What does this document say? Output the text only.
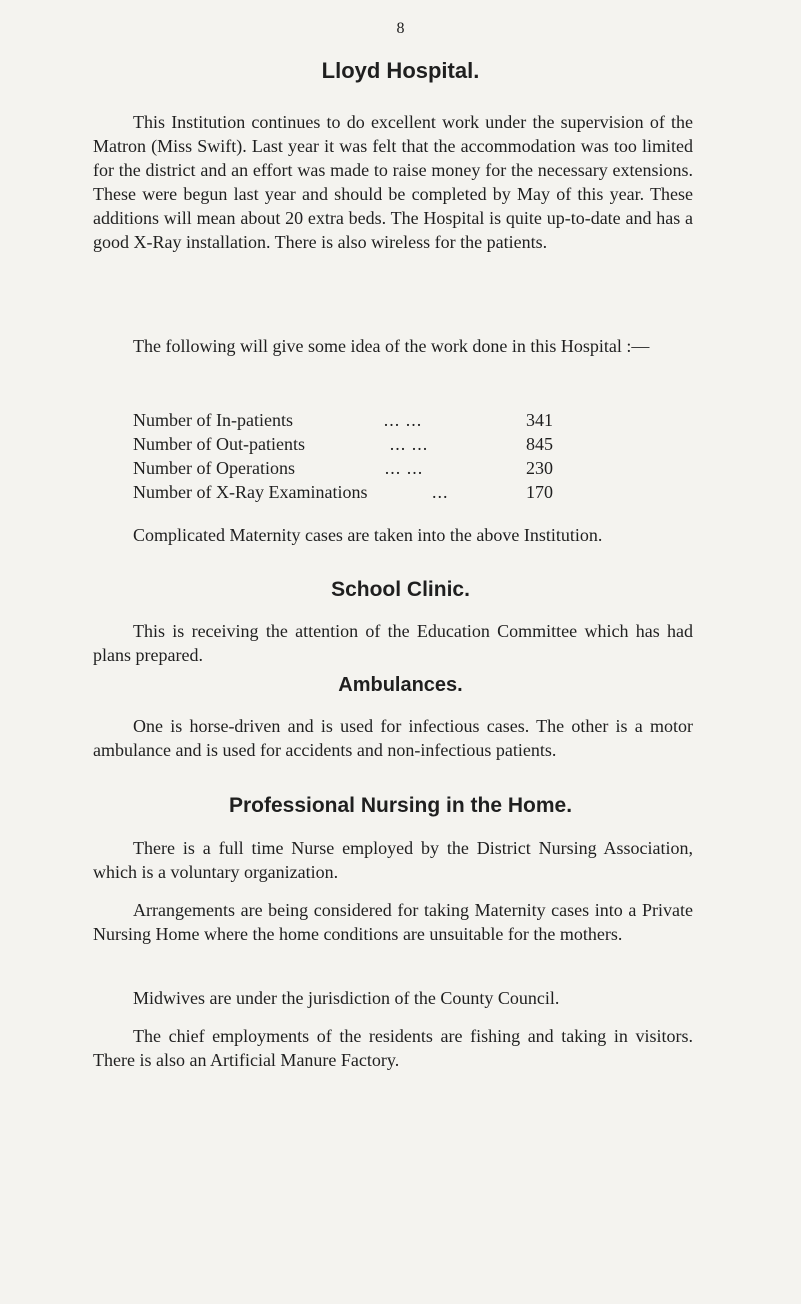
8
Lloyd Hospital.

This Institution continues to do excellent work under the supervision of the Matron (Miss Swift). Last year it was felt that the accommodation was too limited for the district and an effort was made to raise money for the necessary extensions. These were begun last year and should be completed by May of this year. These additions will mean about 20 extra beds. The Hospital is quite up-to-date and has a good X-Ray installation. There is also wireless for the patients.

The following will give some idea of the work done in this Hospital :—

Number of In-patients	... ...	341
Number of Out-patients	... ...	845
Number of Operations	... ...	230
Number of X-Ray Examinations	...	170

Complicated Maternity cases are taken into the above Institution.

School Clinic.

This is receiving the attention of the Education Committee which has had plans prepared.

Ambulances.

One is horse-driven and is used for infectious cases. The other is a motor ambulance and is used for accidents and non-infectious patients.

Professional Nursing in the Home.

There is a full time Nurse employed by the District Nursing Association, which is a voluntary organization.

Arrangements are being considered for taking Maternity cases into a Private Nursing Home where the home conditions are unsuitable for the mothers.

Midwives are under the jurisdiction of the County Council.

The chief employments of the residents are fishing and taking in visitors. There is also an Artificial Manure Factory.
